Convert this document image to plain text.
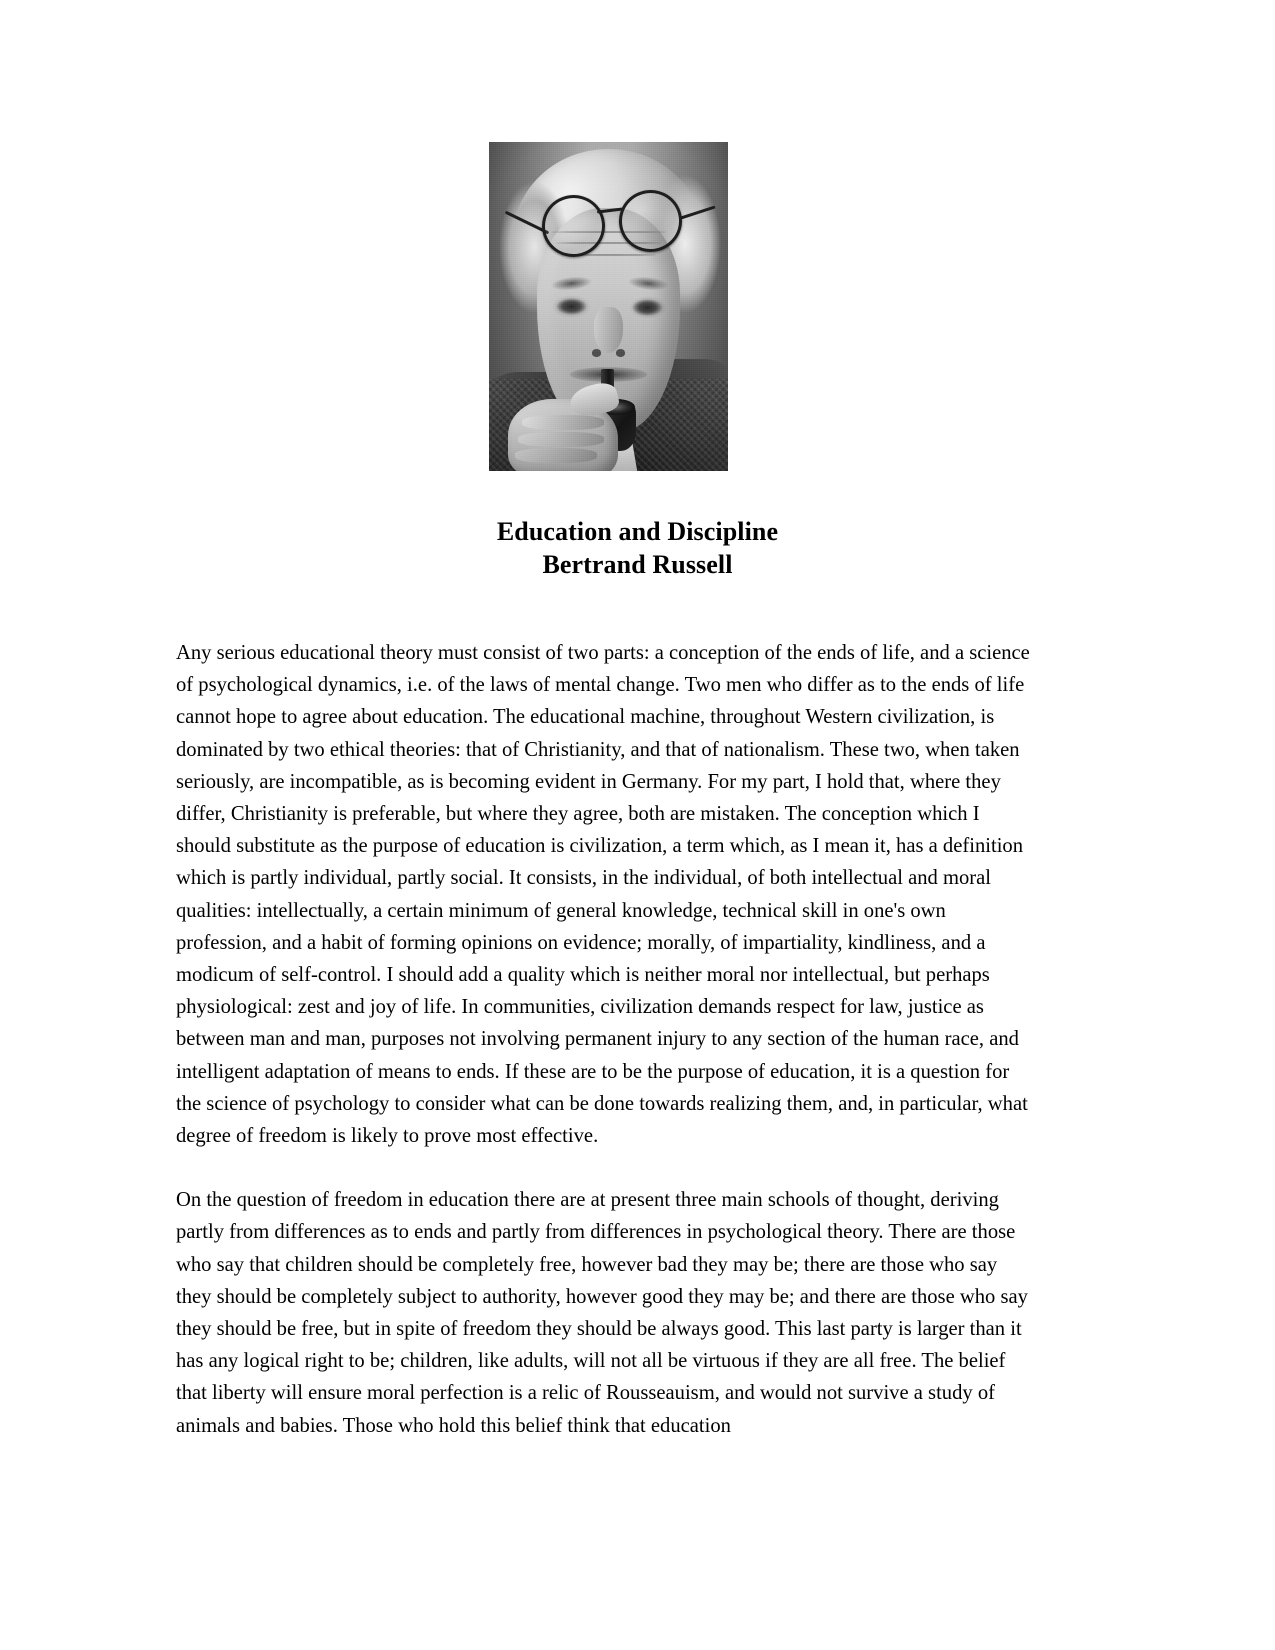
Education and Discipline
Bertrand Russell

Any serious educational theory must consist of two parts: a conception of the ends of life, and a science of psychological dynamics, i.e. of the laws of mental change. Two men who differ as to the ends of life cannot hope to agree about education. The educational machine, throughout Western civilization, is dominated by two ethical theories: that of Christianity, and that of nationalism. These two, when taken seriously, are incompatible, as is becoming evident in Germany. For my part, I hold that, where they differ, Christianity is preferable, but where they agree, both are mistaken. The conception which I should substitute as the purpose of education is civilization, a term which, as I mean it, has a definition which is partly individual, partly social. It consists, in the individual, of both intellectual and moral qualities: intellectually, a certain minimum of general knowledge, technical skill in one's own profession, and a habit of forming opinions on evidence; morally, of impartiality, kindliness, and a modicum of self-control. I should add a quality which is neither moral nor intellectual, but perhaps physiological: zest and joy of life. In communities, civilization demands respect for law, justice as between man and man, purposes not involving permanent injury to any section of the human race, and intelligent adaptation of means to ends. If these are to be the purpose of education, it is a question for the science of psychology to consider what can be done towards realizing them, and, in particular, what degree of freedom is likely to prove most effective.

On the question of freedom in education there are at present three main schools of thought, deriving partly from differences as to ends and partly from differences in psychological theory. There are those who say that children should be completely free, however bad they may be; there are those who say they should be completely subject to authority, however good they may be; and there are those who say they should be free, but in spite of freedom they should be always good. This last party is larger than it has any logical right to be; children, like adults, will not all be virtuous if they are all free. The belief that liberty will ensure moral perfection is a relic of Rousseauism, and would not survive a study of animals and babies. Those who hold this belief think that education
